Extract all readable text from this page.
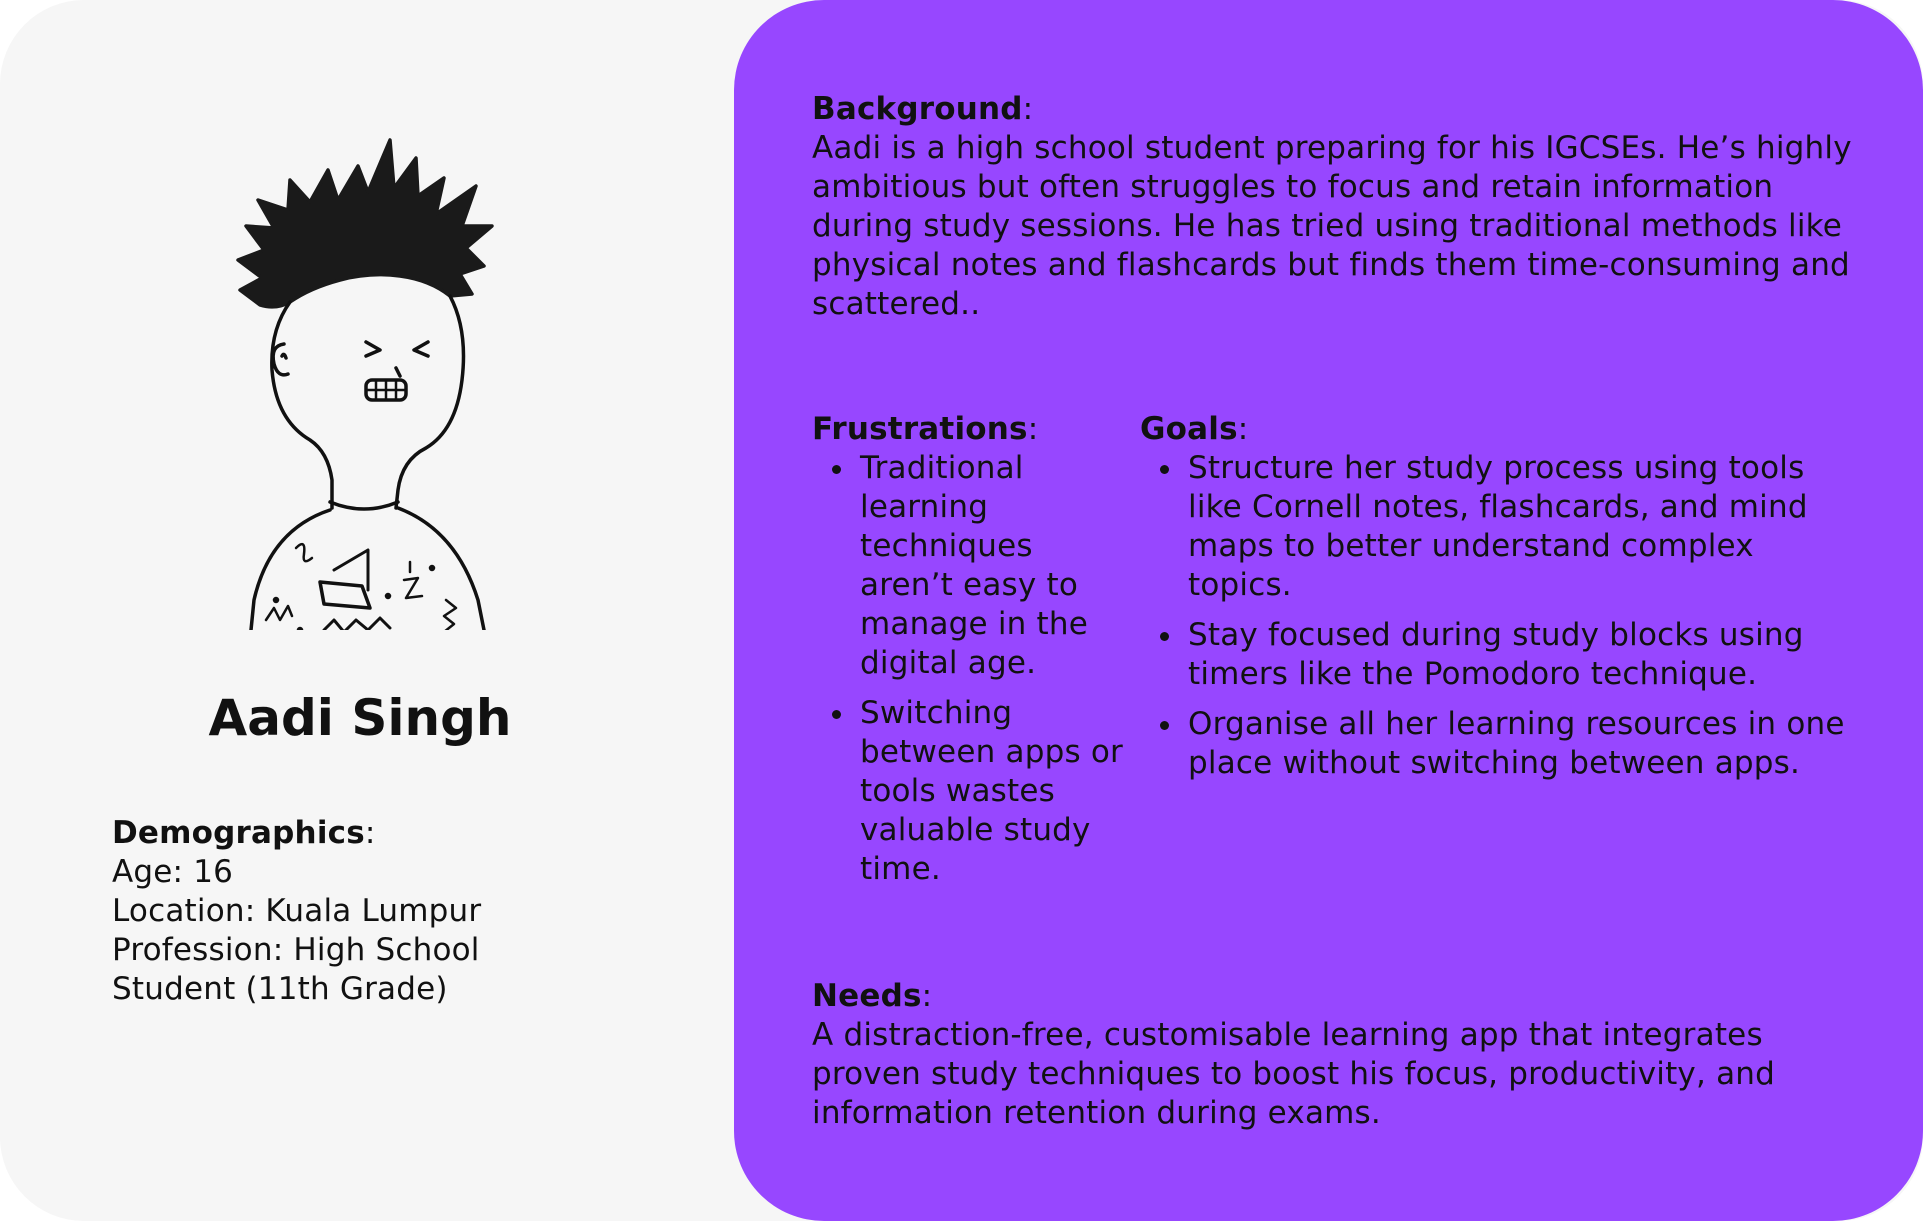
Aadi Singh
Demographics:
Age: 16
Location: Kuala Lumpur
Profession: High School Student (11th Grade)
Background:
Aadi is a high school student preparing for his IGCSEs. He’s highly ambitious but often struggles to focus and retain information during study sessions. He has tried using traditional methods like physical notes and flashcards but finds them time-consuming and scattered..
Frustrations:
Traditional learning techniques aren’t easy to manage in the digital age.
Switching between apps or tools wastes valuable study time.
Goals:
Structure her study process using tools like Cornell notes, flashcards, and mind maps to better understand complex topics.
Stay focused during study blocks using timers like the Pomodoro technique.
Organise all her learning resources in one place without switching between apps.
Needs:
A distraction-free, customisable learning app that integrates proven study techniques to boost his focus, productivity, and information retention during exams.
